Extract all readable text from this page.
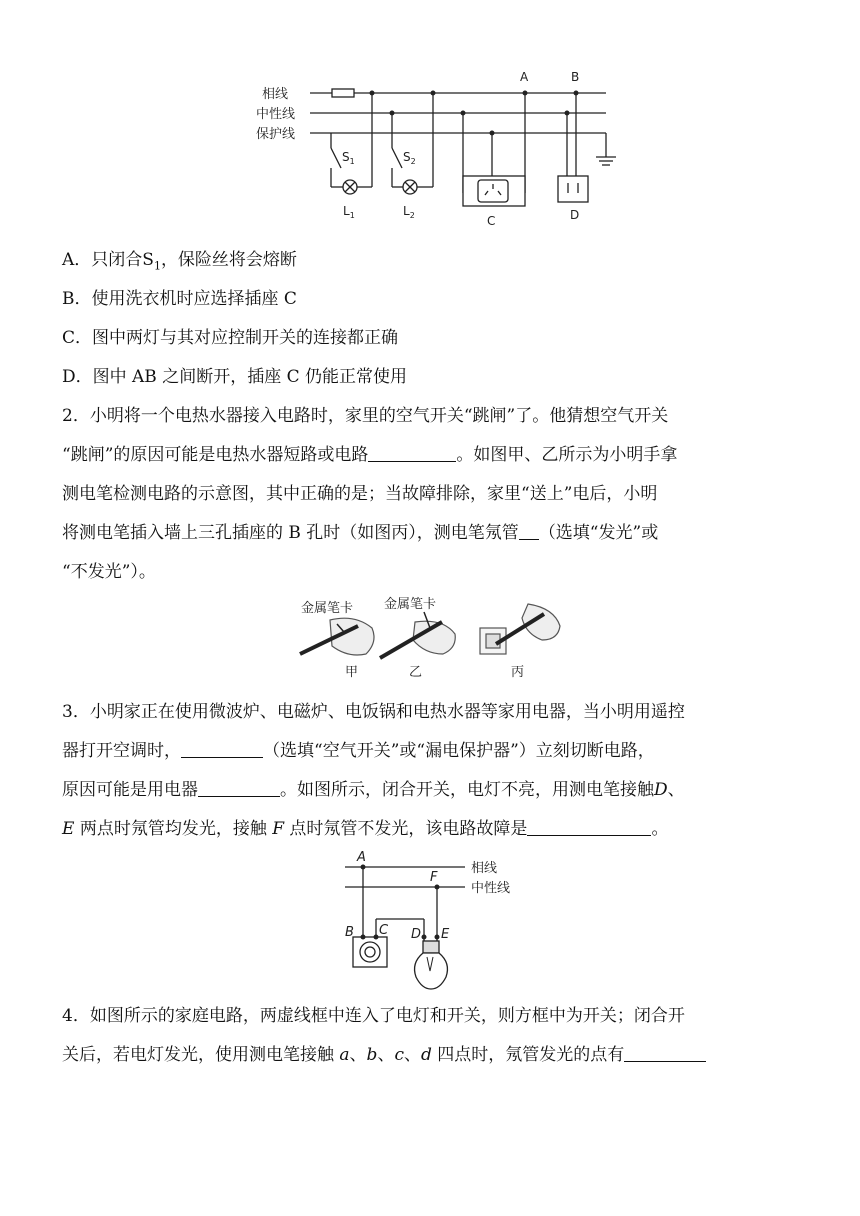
相线
中性线
保护线
A	B
C	D
$S_1$	$S_2$
$L_1$	$L_2$
A．只闭合$S_1$，保险丝将会熔断
B．使用洗衣机时应选择插座 C
C．图中两灯与其对应控制开关的连接都正确
D．图中 AB 之间断开，插座 C 仍能正常使用
2．小明将一个电热水器接入电路时，家里的空气开关“跳闸”了。他猜想空气开关
“跳闸”的原因可能是电热水器短路或电路	。如图甲、乙所示为小明手拿
测电笔检测电路的示意图，其中正确的是；当故障排除，家里“送上”电后，小明
将测电笔插入墙上三孔插座的 B 孔时（如图丙），测电笔氖管 （选填“发光”或
“不发光”）。
金属笔卡
甲
金属笔卡
乙	丙
3．小明家正在使用微波炉、电磁炉、电饭锅和电热水器等家用电器，当小明用遥控
器打开空调时，	（选填“空气开关”或“漏电保护器”）立刻切断电路，
原因可能是用电器	。如图所示，闭合开关，电灯不亮，用测电笔接触D、
E 两点时氖管均发光，接触 F 点时氖管不发光，该电路故障是	。
相线
中性线
A
F
B C D E
4．如图所示的家庭电路，两虚线框中连入了电灯和开关，则方框中为开关；闭合开
关后，若电灯发光，使用测电笔接触 a、b、c、d 四点时，氖管发光的点有
